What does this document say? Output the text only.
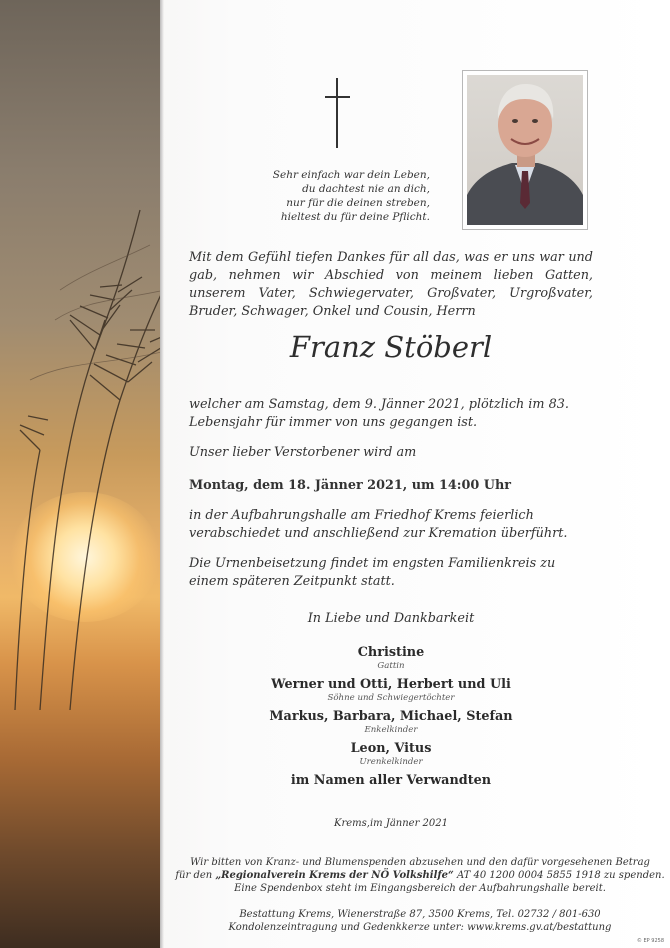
Sehr einfach war dein Leben,
du dachtest nie an dich,
nur für die deinen streben,
hieltest du für deine Pflicht.
Mit dem Gefühl tiefen Dankes für all das, was er uns war und gab, nehmen wir Abschied von meinem lieben Gatten, unserem Vater, Schwiegervater, Großvater, Urgroßvater, Bruder, Schwager, Onkel und Cousin, Herrn
Franz Stöberl
welcher am Samstag, dem 9. Jänner 2021, plötzlich im 83. Lebensjahr für immer von uns gegangen ist.
Unser lieber Verstorbener wird am
Montag, dem 18. Jänner 2021, um 14:00 Uhr
in der Aufbahrungshalle am Friedhof Krems feierlich verabschiedet und anschließend zur Kremation überführt.
Die Urnenbeisetzung findet im engsten Familienkreis zu einem späteren Zeitpunkt statt.
In Liebe und Dankbarkeit
Christine
Gattin
Werner und Otti, Herbert und Uli
Söhne und Schwiegertöchter
Markus, Barbara, Michael, Stefan
Enkelkinder
Leon, Vitus
Urenkelkinder
im Namen aller Verwandten
Krems,im Jänner 2021
Wir bitten von Kranz- und Blumenspenden abzusehen und den dafür vorgesehenen Betrag
für den „Regionalverein Krems der NÖ Volkshilfe“ AT 40 1200 0004 5855 1918 zu spenden.
Eine Spendenbox steht im Eingangsbereich der Aufbahrungshalle bereit.
Bestattung Krems, Wienerstraße 87, 3500 Krems, Tel. 02732 / 801-630
Kondolenzeintragung und Gedenkkerze unter: www.krems.gv.at/bestattung
© EP 9258
